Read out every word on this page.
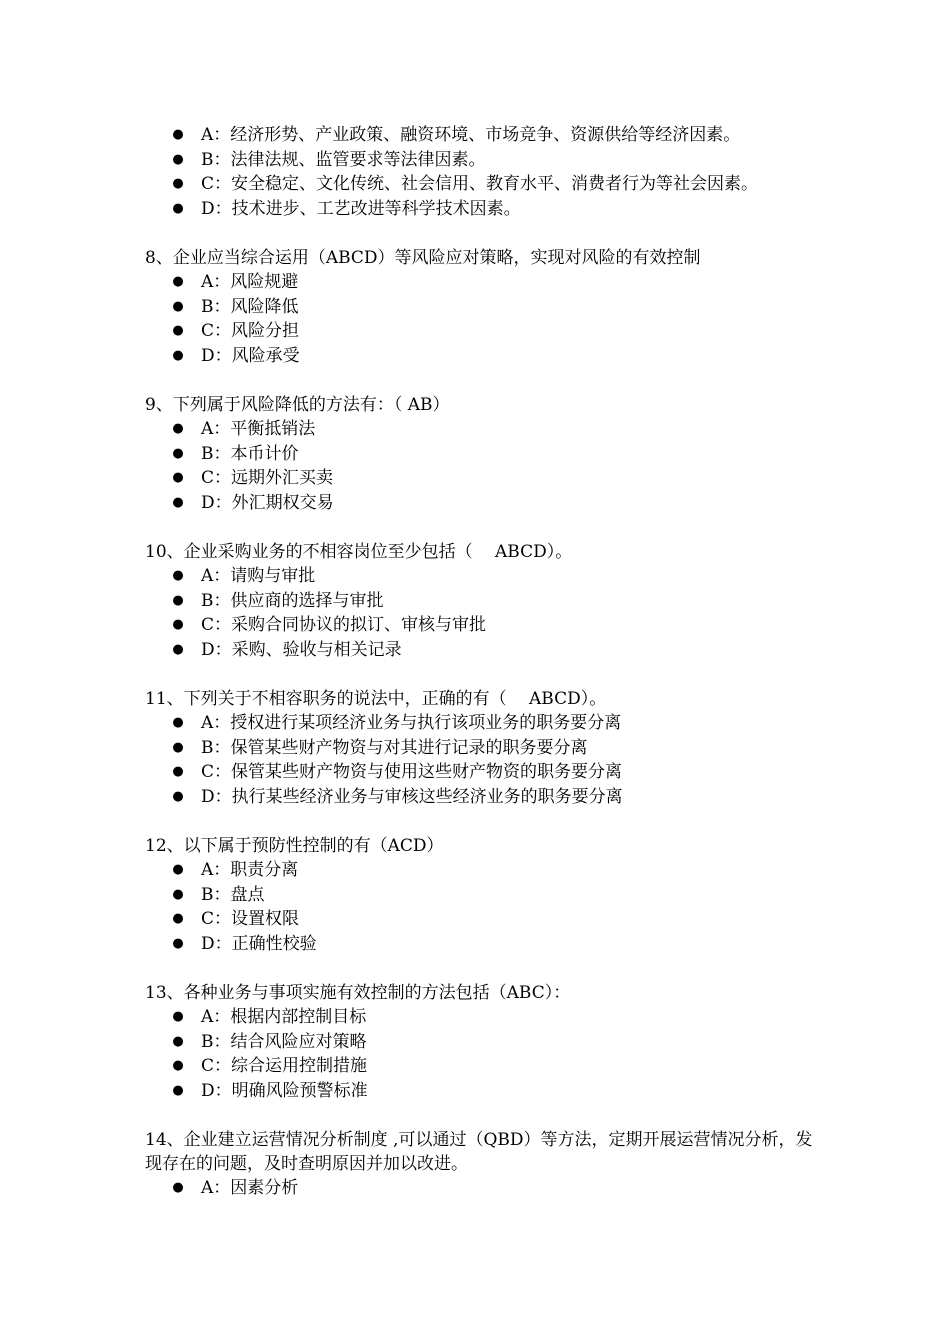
● A：经济形势、产业政策、融资环境、市场竞争、资源供给等经济因素。
● B：法律法规、监管要求等法律因素。
● C：安全稳定、文化传统、社会信用、教育水平、消费者行为等社会因素。
● D：技术进步、工艺改进等科学技术因素。

8、企业应当综合运用（ABCD）等风险应对策略，实现对风险的有效控制

● A：风险规避
● B：风险降低
● C：风险分担
● D：风险承受

9、下列属于风险降低的方法有：（ AB）

● A：平衡抵销法
● B：本币计价
● C：远期外汇买卖
● D：外汇期权交易

10、企业采购业务的不相容岗位至少包括（　 ABCD）。

● A：请购与审批
● B：供应商的选择与审批
● C：采购合同协议的拟订、审核与审批
● D：采购、验收与相关记录

11、下列关于不相容职务的说法中，正确的有（　 ABCD）。

● A：授权进行某项经济业务与执行该项业务的职务要分离
● B：保管某些财产物资与对其进行记录的职务要分离
● C：保管某些财产物资与使用这些财产物资的职务要分离
● D：执行某些经济业务与审核这些经济业务的职务要分离

12、以下属于预防性控制的有（ACD）

● A：职责分离
● B：盘点
● C：设置权限
● D：正确性校验

13、各种业务与事项实施有效控制的方法包括（ABC）：

● A：根据内部控制目标
● B：结合风险应对策略
● C：综合运用控制措施
● D：明确风险预警标准

14、企业建立运营情况分析制度 ,可以通过（QBD）等方法，定期开展运营情况分析，发现存在的问题，及时查明原因并加以改进。

● A：因素分析
